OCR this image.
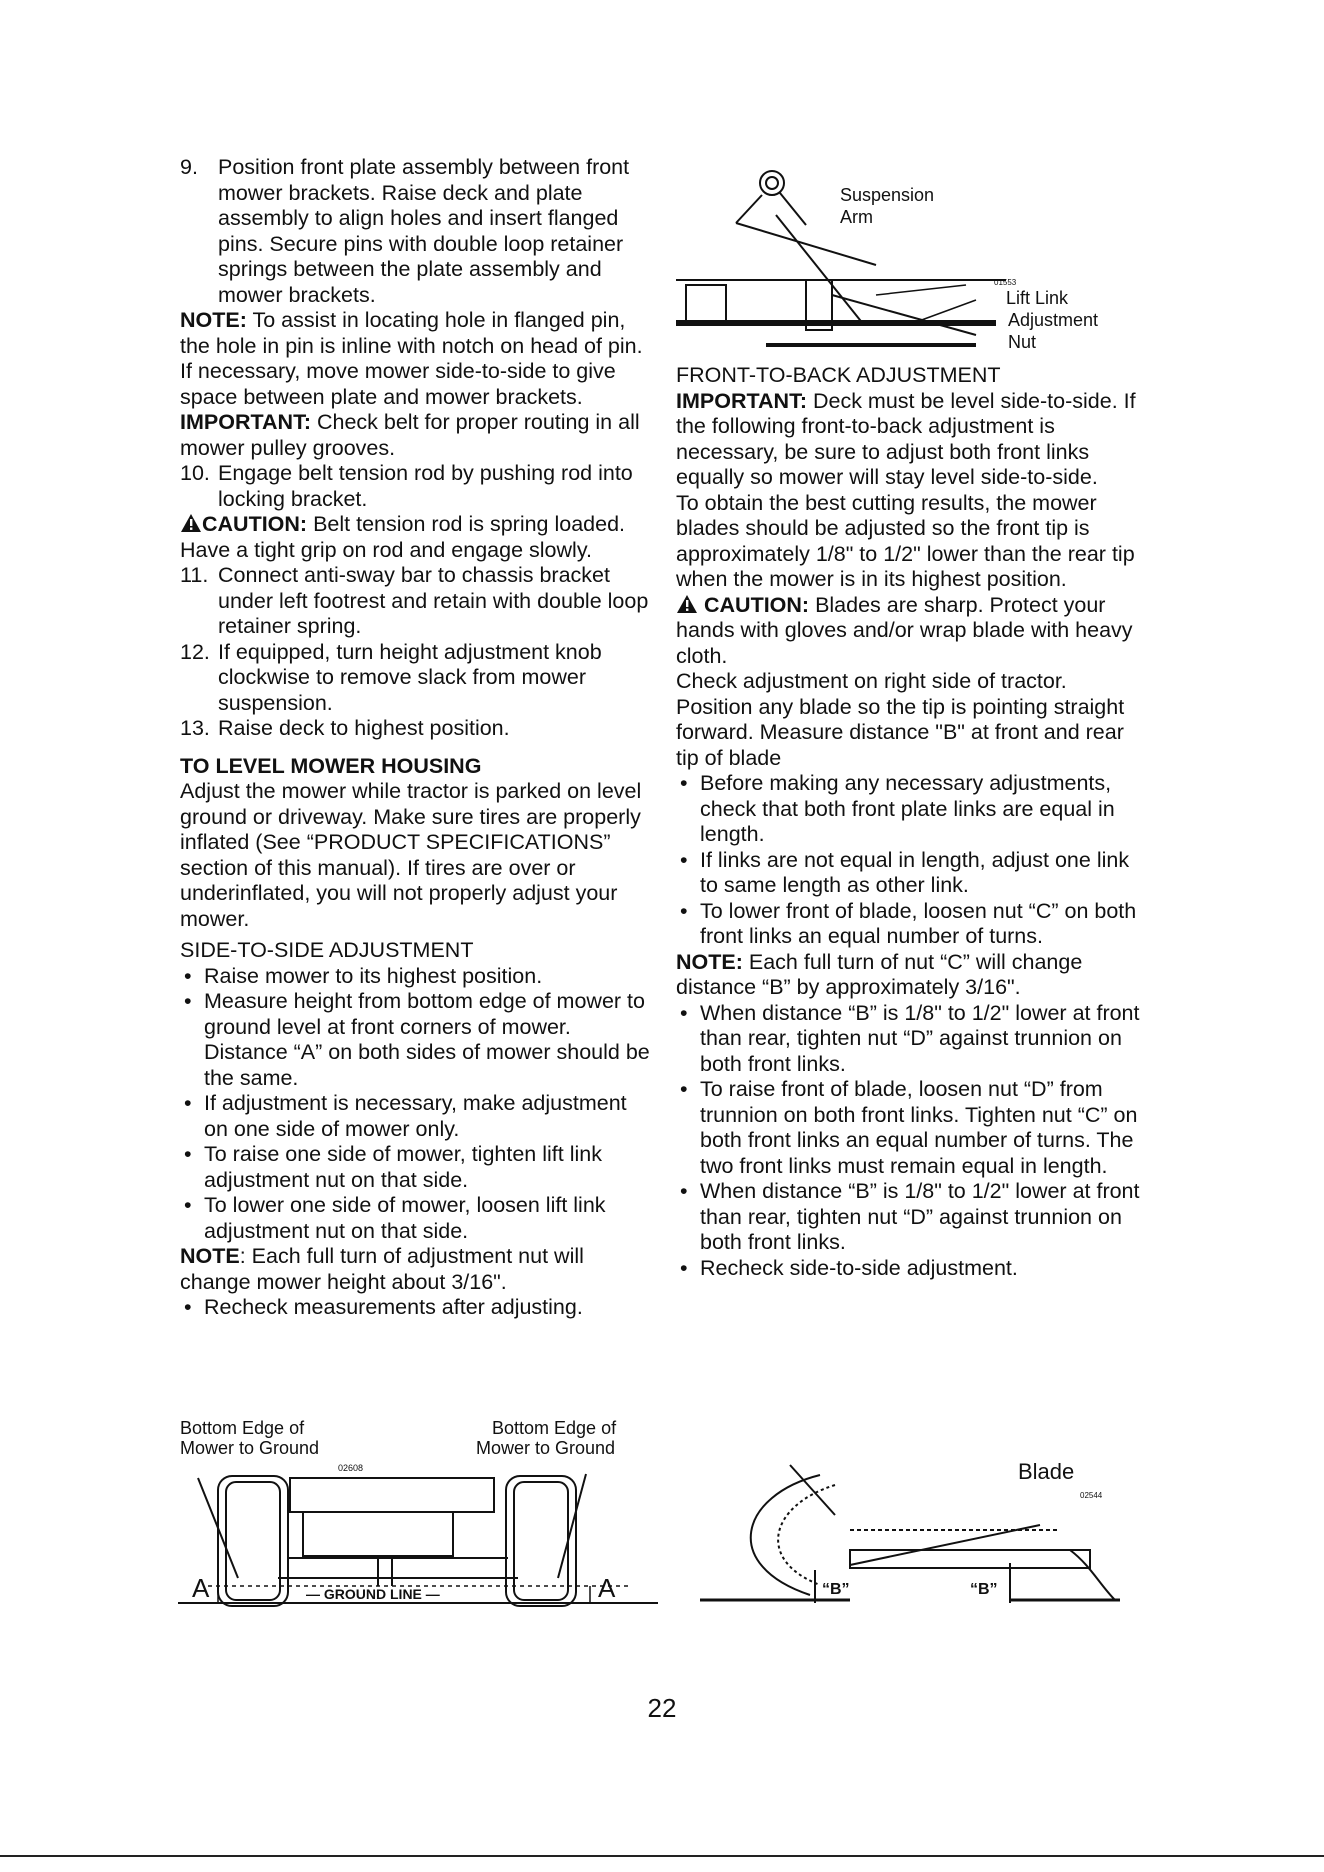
9. Position front plate assembly between front mower brackets. Raise deck and plate assembly to align holes and insert flanged pins. Secure pins with double loop retainer springs between the plate assembly and mower brackets.

NOTE: To assist in locating hole in flanged pin, the hole in pin is inline with notch on head of pin. If necessary, move mower side-to-side to give space between plate and mower brackets.

IMPORTANT: Check belt for proper routing in all mower pulley grooves.

10. Engage belt tension rod by pushing rod into locking bracket.

CAUTION: Belt tension rod is spring loaded. Have a tight grip on rod and engage slowly.

11. Connect anti-sway bar to chassis bracket under left footrest and retain with double loop retainer spring.
12. If equipped, turn height adjustment knob clockwise to remove slack from mower suspension.
13. Raise deck to highest position.

TO LEVEL MOWER HOUSING

Adjust the mower while tractor is parked on level ground or driveway. Make sure tires are properly inflated (See “PRODUCT SPECIFICATIONS” section of this manual). If tires are over or underinflated, you will not properly adjust your mower.

SIDE-TO-SIDE ADJUSTMENT

• Raise mower to its highest position.
• Measure height from bottom edge of mower to ground level at front corners of mower. Distance “A” on both sides of mower should be the same.
• If adjustment is necessary, make adjustment on one side of mower only.
• To raise one side of mower, tighten lift link adjustment nut on that side.
• To lower one side of mower, loosen lift link adjustment nut on that side.

NOTE: Each full turn of adjustment nut will change mower height about 3/16".

• Recheck measurements after adjusting.
Bottom Edge of
Mower to Ground
Bottom Edge of
Mower to Ground
A	A
— GROUND LINE —
02608
Suspension
Arm
Lift Link
Adjustment
Nut
01553

FRONT-TO-BACK ADJUSTMENT

IMPORTANT: Deck must be level side-to-side. If the following front-to-back adjustment is necessary, be sure to adjust both front links equally so mower will stay level side-to-side.

To obtain the best cutting results, the mower blades should be adjusted so the front tip is approximately 1/8" to 1/2" lower than the rear tip when the mower is in its highest position.

CAUTION: Blades are sharp. Protect your hands with gloves and/or wrap blade with heavy cloth.

Check adjustment on right side of tractor. Position any blade so the tip is pointing straight forward. Measure distance "B" at front and rear tip of blade

• Before making any necessary adjustments, check that both front plate links are equal in length.
• If links are not equal in length, adjust one link to same length as other link.
• To lower front of blade, loosen nut “C” on both front links an equal number of turns.

NOTE: Each full turn of nut “C” will change distance “B” by approximately 3/16".

• When distance “B” is 1/8" to 1/2" lower at front than rear, tighten nut “D” against trunnion on both front links.
• To raise front of blade, loosen nut “D” from trunnion on both front links. Tighten nut “C” on both front links an equal number of turns. The two front links must remain equal in length.
• When distance “B” is 1/8" to 1/2" lower at front than rear, tighten nut “D” against trunnion on both front links.
• Recheck side-to-side adjustment.
Blade
“B”	“B”
02544
22
